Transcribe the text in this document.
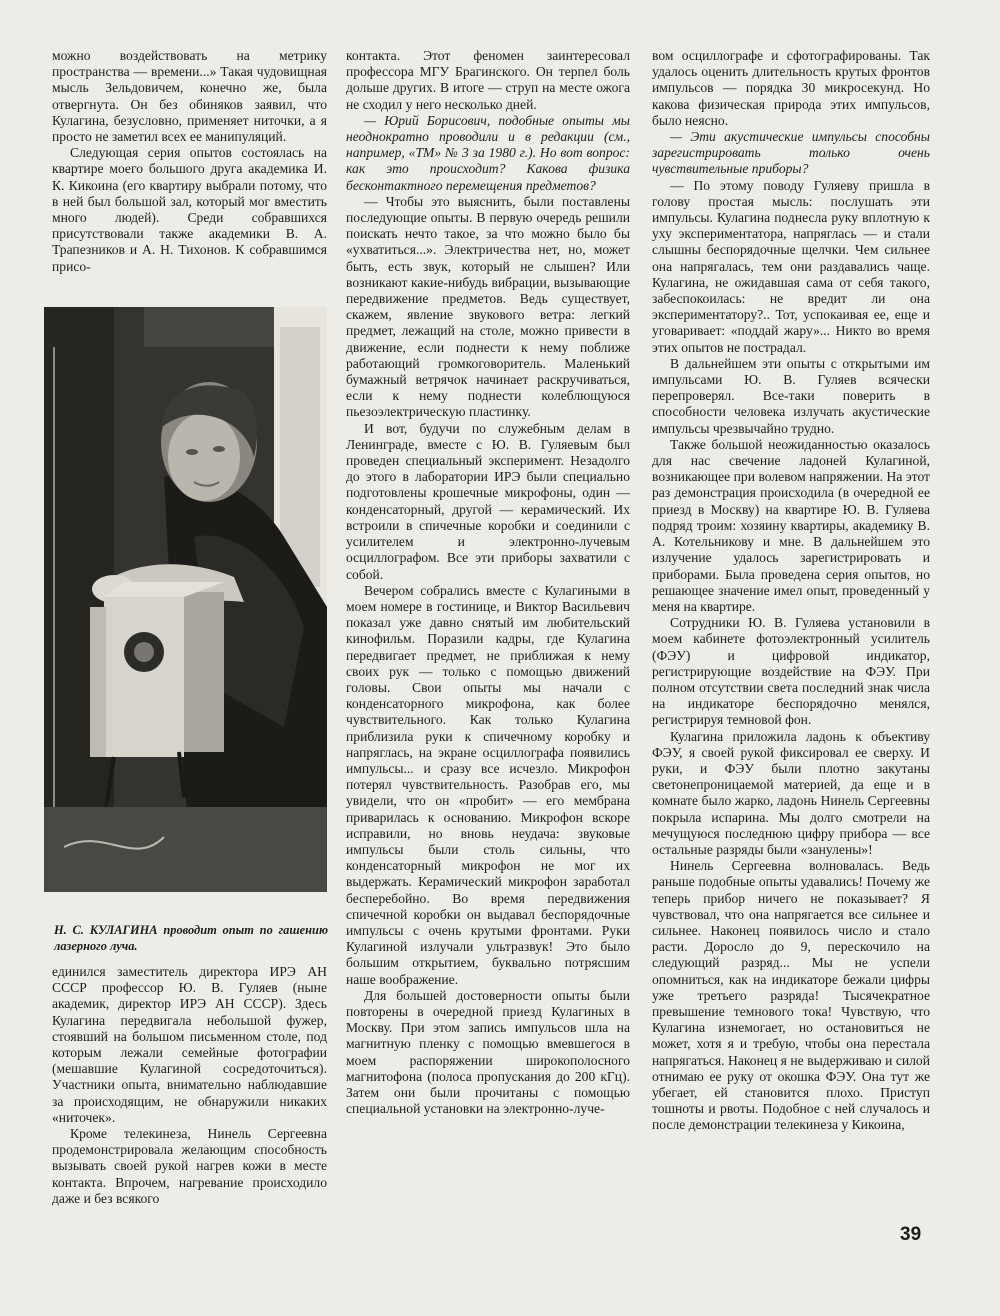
можно воздействовать на метрику пространства — времени...» Такая чудовищная мысль Зельдовичем, конечно же, была отвергнута. Он без обиняков заявил, что Кулагина, безусловно, применяет ниточки, а я просто не заметил всех ее манипуляций.

Следующая серия опытов состоялась на квартире моего большого друга академика И. К. Кикоина (его квартиру выбрали потому, что в ней был большой зал, который мог вместить много людей). Среди собравшихся присутствовали также академики В. А. Трапезников и А. Н. Тихонов. К собравшимся присо-

Н. С. КУЛАГИНА проводит опыт по гашению лазерного луча.

единился заместитель директора ИРЭ АН СССР профессор Ю. В. Гуляев (ныне академик, директор ИРЭ АН СССР). Здесь Кулагина передвигала небольшой фужер, стоявший на большом письменном столе, под которым лежали семейные фотографии (мешавшие Кулагиной сосредоточиться). Участники опыта, внимательно наблюдавшие за происходящим, не обнаружили никаких «ниточек».

Кроме телекинеза, Нинель Сергеевна продемонстрировала желающим способность вызывать своей рукой нагрев кожи в месте контакта. Впрочем, нагревание происходило даже и без всякого

контакта. Этот феномен заинтересовал профессора МГУ Брагинского. Он терпел боль дольше других. В итоге — струп на месте ожога не сходил у него несколько дней.

— Юрий Борисович, подобные опыты мы неоднократно проводили и в редакции (см., например, «ТМ» № 3 за 1980 г.). Но вот вопрос: как это происходит? Какова физика бесконтактного перемещения предметов?

— Чтобы это выяснить, были поставлены последующие опыты. В первую очередь решили поискать нечто такое, за что можно было бы «ухватиться...». Электричества нет, но, может быть, есть звук, который не слышен? Или возникают какие-нибудь вибрации, вызывающие передвижение предметов. Ведь существует, скажем, явление звукового ветра: легкий предмет, лежащий на столе, можно привести в движение, если поднести к нему поближе работающий громкоговоритель. Маленький бумажный ветрячок начинает раскручиваться, если к нему поднести колеблющуюся пьезоэлектрическую пластинку.

И вот, будучи по служебным делам в Ленинграде, вместе с Ю. В. Гуляевым был проведен специальный эксперимент. Незадолго до этого в лаборатории ИРЭ были специально подготовлены крошечные микрофоны, один — конденсаторный, другой — керамический. Их встроили в спичечные коробки и соединили с усилителем и электронно-лучевым осциллографом. Все эти приборы захватили с собой.

Вечером собрались вместе с Кулагиными в моем номере в гостинице, и Виктор Васильевич показал уже давно снятый им любительский кинофильм. Поразили кадры, где Кулагина передвигает предмет, не приближая к нему своих рук — только с помощью движений головы. Свои опыты мы начали с конденсаторного микрофона, как более чувствительного. Как только Кулагина приблизила руки к спичечному коробку и напряглась, на экране осциллографа появились импульсы... и сразу все исчезло. Микрофон потерял чувствительность. Разобрав его, мы увидели, что он «пробит» — его мембрана приварилась к основанию. Микрофон вскоре исправили, но вновь неудача: звуковые импульсы были столь сильны, что конденсаторный микрофон не мог их выдержать. Керамический микрофон заработал бесперебойно. Во время передвижения спичечной коробки он выдавал беспорядочные импульсы с очень крутыми фронтами. Руки Кулагиной излучали ультразвук! Это было большим открытием, буквально потрясшим наше воображение.

Для большей достоверности опыты были повторены в очередной приезд Кулагиных в Москву. При этом запись импульсов шла на магнитную пленку с помощью вмевшегося в моем распоряжении широкополосного магнитофона (полоса пропускания до 200 кГц). Затем они были прочитаны с помощью специальной установки на электронно-луче-

вом осциллографе и сфотографированы. Так удалось оценить длительность крутых фронтов импульсов — порядка 30 микросекунд. Но какова физическая природа этих импульсов, было неясно.

— Эти акустические импульсы способны зарегистрировать только очень чувствительные приборы?

— По этому поводу Гуляеву пришла в голову простая мысль: послушать эти импульсы. Кулагина поднесла руку вплотную к уху экспериментатора, напряглась — и стали слышны беспорядочные щелчки. Чем сильнее она напрягалась, тем они раздавались чаще. Кулагина, не ожидавшая сама от себя такого, забеспокоилась: не вредит ли она экспериментатору?.. Тот, успокаивая ее, еще и уговаривает: «поддай жару»... Никто во время этих опытов не пострадал.

В дальнейшем эти опыты с открытыми им импульсами Ю. В. Гуляев всячески перепроверял. Все-таки поверить в способности человека излучать акустические импульсы чрезвычайно трудно.

Также большой неожиданностью оказалось для нас свечение ладоней Кулагиной, возникающее при волевом напряжении. На этот раз демонстрация происходила (в очередной ее приезд в Москву) на квартире Ю. В. Гуляева подряд троим: хозяину квартиры, академику В. А. Котельникову и мне. В дальнейшем это излучение удалось зарегистрировать и приборами. Была проведена серия опытов, но решающее значение имел опыт, проведенный у меня на квартире.

Сотрудники Ю. В. Гуляева установили в моем кабинете фотоэлектронный усилитель (ФЭУ) и цифровой индикатор, регистрирующие воздействие на ФЭУ. При полном отсутствии света последний знак числа на индикаторе беспорядочно менялся, регистрируя темновой фон.

Кулагина приложила ладонь к объективу ФЭУ, я своей рукой фиксировал ее сверху. И руки, и ФЭУ были плотно закутаны светонепроницаемой материей, да еще и в комнате было жарко, ладонь Нинель Сергеевны покрыла испарина. Мы долго смотрели на мечущуюся последнюю цифру прибора — все остальные разряды были «занулены»!

Нинель Сергеевна волновалась. Ведь раньше подобные опыты удавались! Почему же теперь прибор ничего не показывает? Я чувствовал, что она напрягается все сильнее и сильнее. Наконец появилось число и стало расти. Доросло до 9, перескочило на следующий разряд... Мы не успели опомниться, как на индикаторе бежали цифры уже третьего разряда! Тысячекратное превышение темнового тока! Чувствую, что Кулагина изнемогает, но остановиться не может, хотя я и требую, чтобы она перестала напрягаться. Наконец я не выдерживаю и силой отнимаю ее руку от окошка ФЭУ. Она тут же убегает, ей становится плохо. Приступ тошноты и рвоты. Подобное с ней случалось и после демонстрации телекинеза у Кикоина,

39
